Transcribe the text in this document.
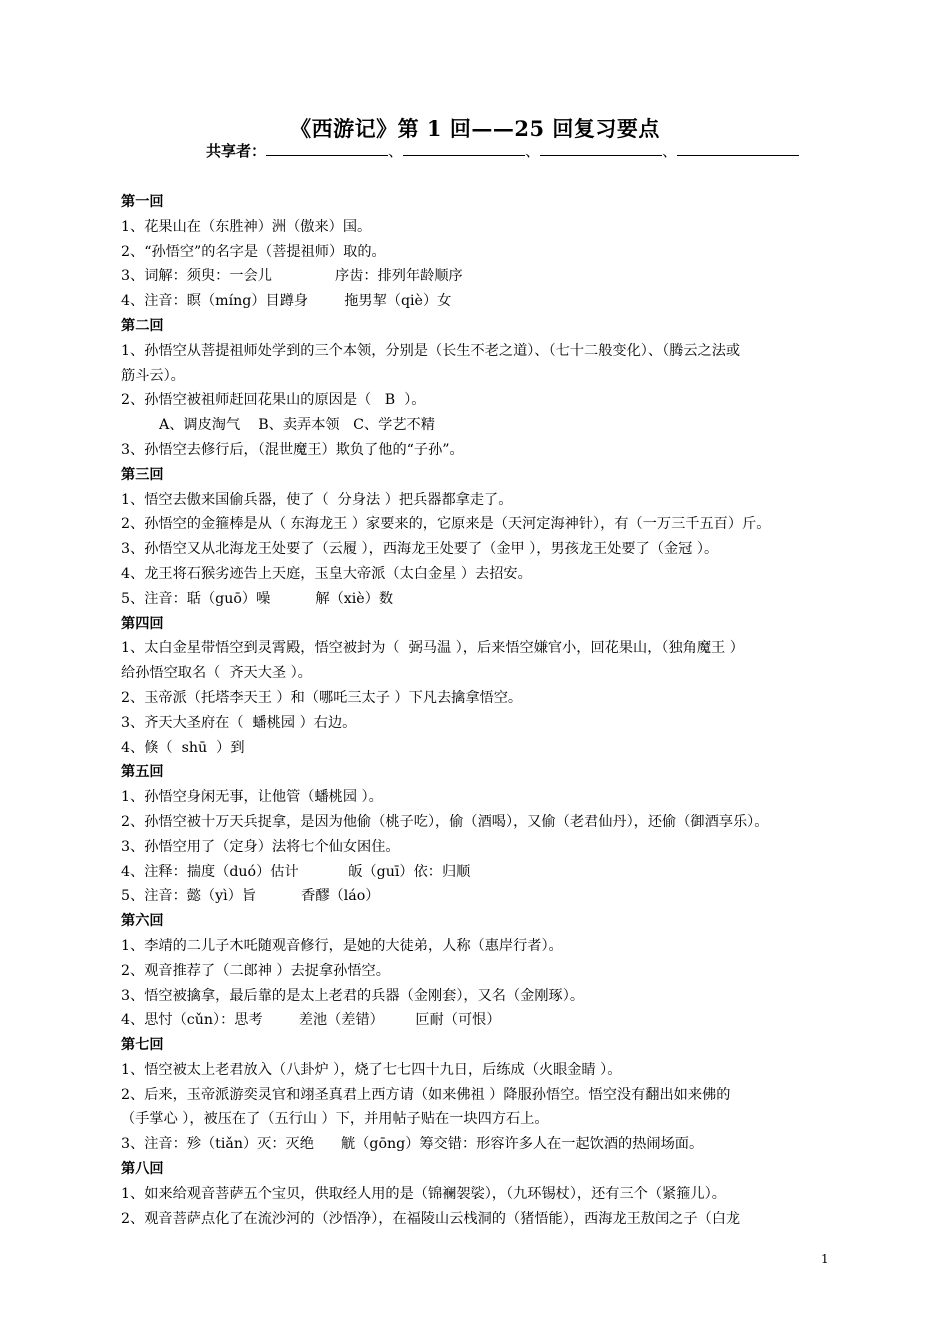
《西游记》第 1 回——25 回复习要点
共享者：	、	、	、
第一回
1、花果山在（东胜神）洲（傲来）国。
2、“孙悟空”的名字是（菩提祖师）取的。
3、词解：须臾：一会儿              序齿：排列年龄顺序
4、注音：瞑（míng）目蹲身        拖男挈（qiè）女
第二回
1、孙悟空从菩提祖师处学到的三个本领，分别是（长生不老之道）、（七十二般变化）、（腾云之法或
筋斗云）。
2、孙悟空被祖师赶回花果山的原因是（   B  ）。
A、调皮淘气    B、卖弄本领   C、学艺不精
3、孙悟空去修行后，（混世魔王）欺负了他的“子孙”。
第三回
1、悟空去傲来国偷兵器，使了（  分身法 ）把兵器都拿走了。
2、孙悟空的金箍棒是从（ 东海龙王 ）家要来的，它原来是（天河定海神针），有（一万三千五百）斤。
3、孙悟空又从北海龙王处要了（云履 ），西海龙王处要了（金甲 ），男孩龙王处要了（金冠 ）。
4、龙王将石猴劣迹告上天庭，玉皇大帝派（太白金星 ）去招安。
5、注音：聒（guō）噪          解（xiè）数
第四回
1、太白金星带悟空到灵霄殿，悟空被封为（  弼马温 ），后来悟空嫌官小，回花果山，（独角魔王 ）
给孙悟空取名（  齐天大圣 ）。
2、玉帝派（托塔李天王 ）和（哪吒三太子 ）下凡去擒拿悟空。
3、齐天大圣府在（  蟠桃园 ）右边。
4、倏（  shū  ）到
第五回
1、孙悟空身闲无事，让他管（蟠桃园 ）。
2、孙悟空被十万天兵捉拿，是因为他偷（桃子吃），偷（酒喝），又偷（老君仙丹），还偷（御酒享乐）。
3、孙悟空用了（定身）法将七个仙女困住。
4、注释：揣度（duó）估计           皈（guī）依：归顺
5、注音：懿（yì）旨          香醪（láo）
第六回
1、李靖的二儿子木吒随观音修行，是她的大徒弟，人称（惠岸行者）。
2、观音推荐了（二郎神 ）去捉拿孙悟空。
3、悟空被擒拿，最后靠的是太上老君的兵器（金刚套），又名（金刚琢）。
4、思忖（cǔn）：思考        差池（差错）       叵耐（可恨）
第七回
1、悟空被太上老君放入（八卦炉 ），烧了七七四十九日，后练成（火眼金睛 ）。
2、后来，玉帝派游奕灵官和翊圣真君上西方请（如来佛祖 ）降服孙悟空。悟空没有翻出如来佛的
（手掌心 ），被压在了（五行山 ）下，并用帖子贴在一块四方石上。
3、注音：殄（tiǎn）灭：灭绝      觥（gōng）筹交错：形容许多人在一起饮酒的热闹场面。
第八回
1、如来给观音菩萨五个宝贝，供取经人用的是（锦襕袈裟），（九环锡杖），还有三个（紧箍儿）。
2、观音菩萨点化了在流沙河的（沙悟净），在福陵山云栈洞的（猪悟能），西海龙王敖闰之子（白龙
1
